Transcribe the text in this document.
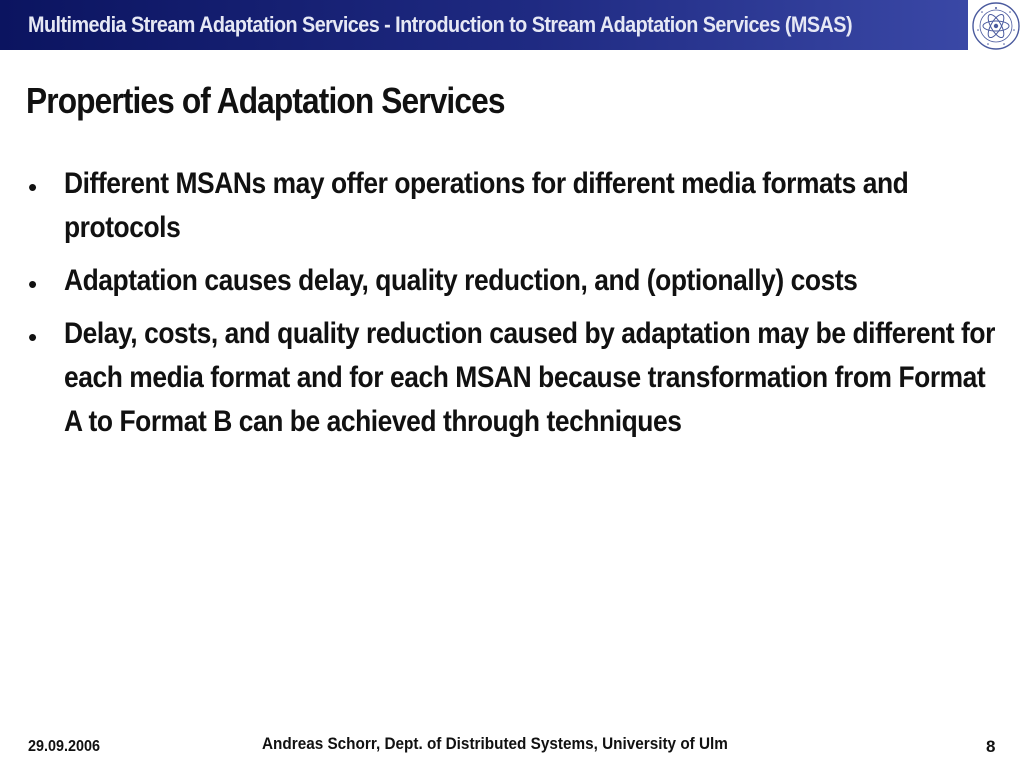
Multimedia Stream Adaptation Services - Introduction to Stream Adaptation Services (MSAS)
Properties of Adaptation Services
• Different MSANs may offer operations for different media formats and protocols
• Adaptation causes delay, quality reduction, and (optionally) costs
• Delay, costs, and quality reduction caused by adaptation may be different for each media format and for each MSAN because transformation from Format A to Format B can be achieved through techniques
29.09.2006	Andreas Schorr, Dept. of Distributed Systems, University of Ulm	8
